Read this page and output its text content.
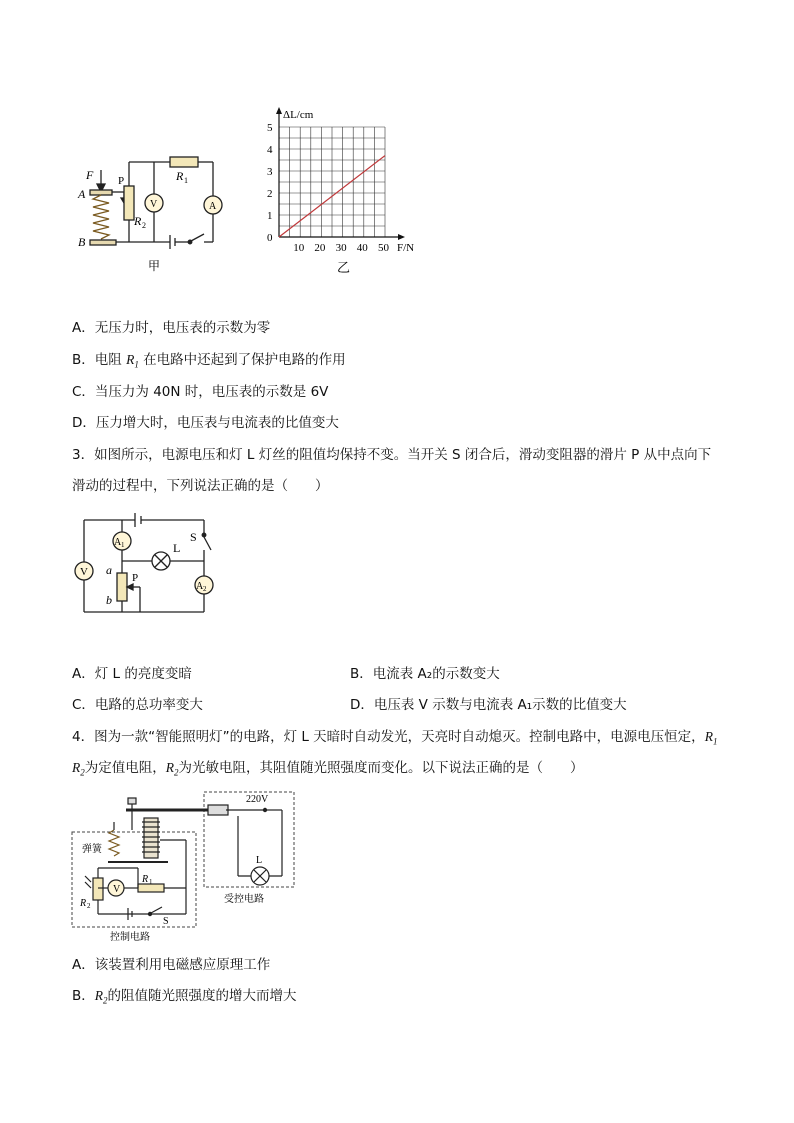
F
A
B
P	R 1
R 2
V	A
甲
0
1
2
3
4
5
10 20 30 40 50
ΔL/cm
F/N
乙
A．无压力时，电压表的示数为零
B．电阻 $R_1$ 在电路中还起到了保护电路的作用
C．当压力为 40N 时，电压表的示数是 6V
D．压力增大时，电压表与电流表的比值变大
3．如图所示，电源电压和灯 L 灯丝的阻值均保持不变。当开关 S 闭合后，滑动变阻器的滑片 P 从中点向下
滑动的过程中，下列说法正确的是（　　）
A 1
A 2
V
L
S
P
a
b
A．灯 L 的亮度变暗	B．电流表 A₂的示数变大
C．电路的总功率变大	D．电压表 V 示数与电流表 A₁示数的比值变大
4．图为一款“智能照明灯”的电路，灯 L 天暗时自动发光，天亮时自动熄灭。控制电路中，电源电压恒定，$R_1$
$R_2$为定值电阻，$R_2$为光敏电阻，其阻值随光照强度而变化。以下说法正确的是（　　）
弹簧
V
R 1
R 2
S
控制电路
220V
L
受控电路
A．该装置利用电磁感应原理工作
B．$R_2$的阻值随光照强度的增大而增大
